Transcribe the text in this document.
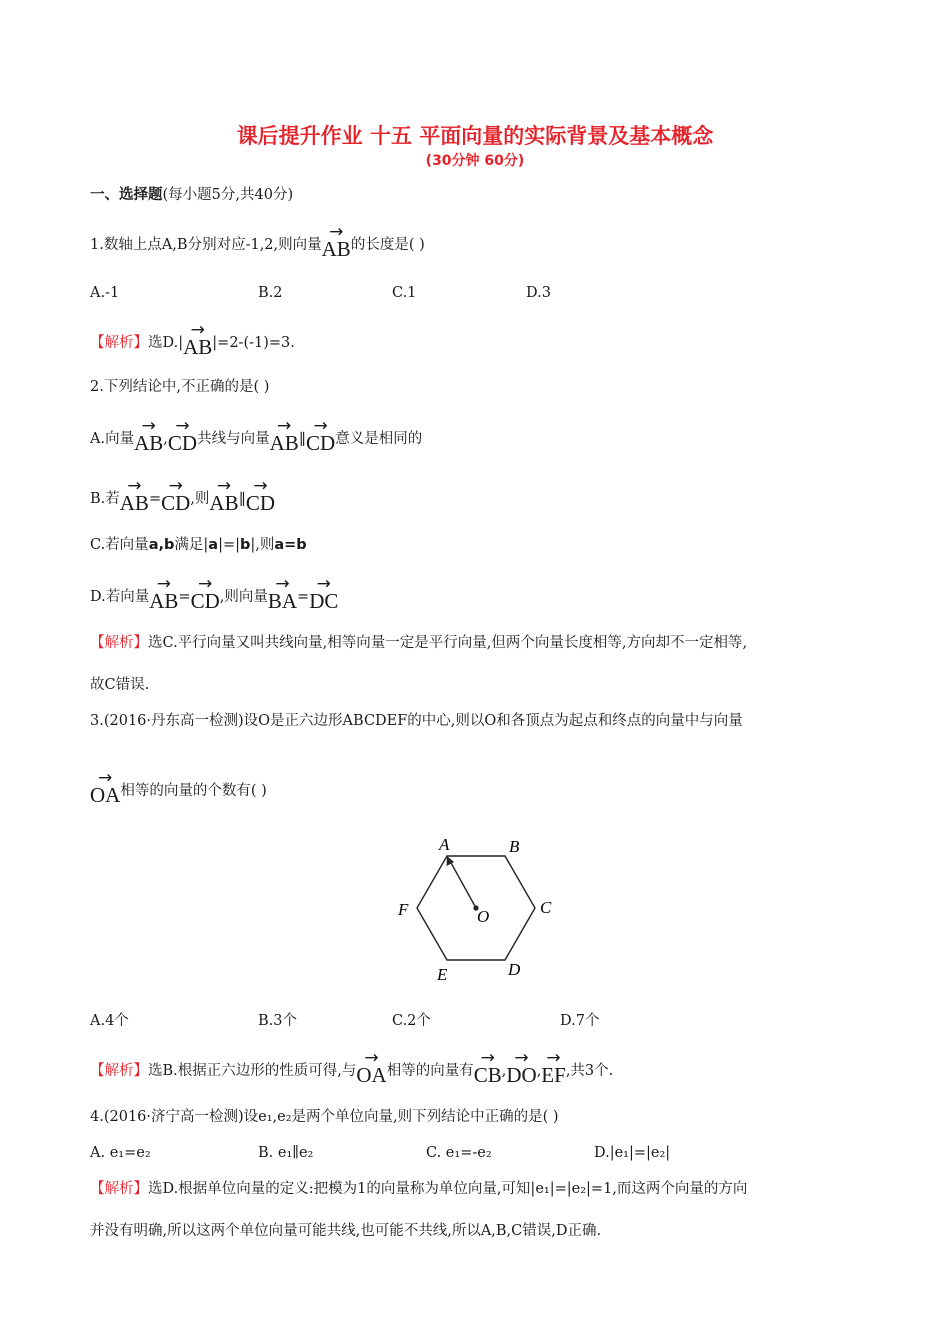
课后提升作业 十五 平面向量的实际背景及基本概念
(30分钟 60分)
一、选择题(每小题5分,共40分)
1.数轴上点A,B分别对应-1,2,则向量→ AB的长度是( )
A.-1	B.2	C.1	D.3
【解析】选D.|→ AB|=2-(-1)=3.
2.下列结论中,不正确的是( )
A.向量→ AB,→ CD共线与向量→ AB∥→ CD意义是相同的
B.若→ AB=→ CD,则→ AB∥→ CD
C.若向量a,b满足|a|=|b|,则a=b
D.若向量→ AB=→ CD,则向量→ BA=→ DC
【解析】选C.平行向量又叫共线向量,相等向量一定是平行向量,但两个向量长度相等,方向却不一定相等,
故C错误.
3.(2016·丹东高一检测)设O是正六边形ABCDEF的中心,则以O和各顶点为起点和终点的向量中与向量
→ OA相等的向量的个数有( )
A	B
C
D
E
F	O
A.4个	B.3个	C.2个	D.7个
【解析】选B.根据正六边形的性质可得,与→ OA相等的向量有→ CB,→ DO,→ EF,共3个.
4.(2016·济宁高一检测)设e₁,e₂是两个单位向量,则下列结论中正确的是( )
A. e₁=e₂	B. e₁∥e₂	C. e₁=-e₂	D.|e₁|=|e₂|
【解析】选D.根据单位向量的定义:把模为1的向量称为单位向量,可知|e₁|=|e₂|=1,而这两个向量的方向
并没有明确,所以这两个单位向量可能共线,也可能不共线,所以A,B,C错误,D正确.
